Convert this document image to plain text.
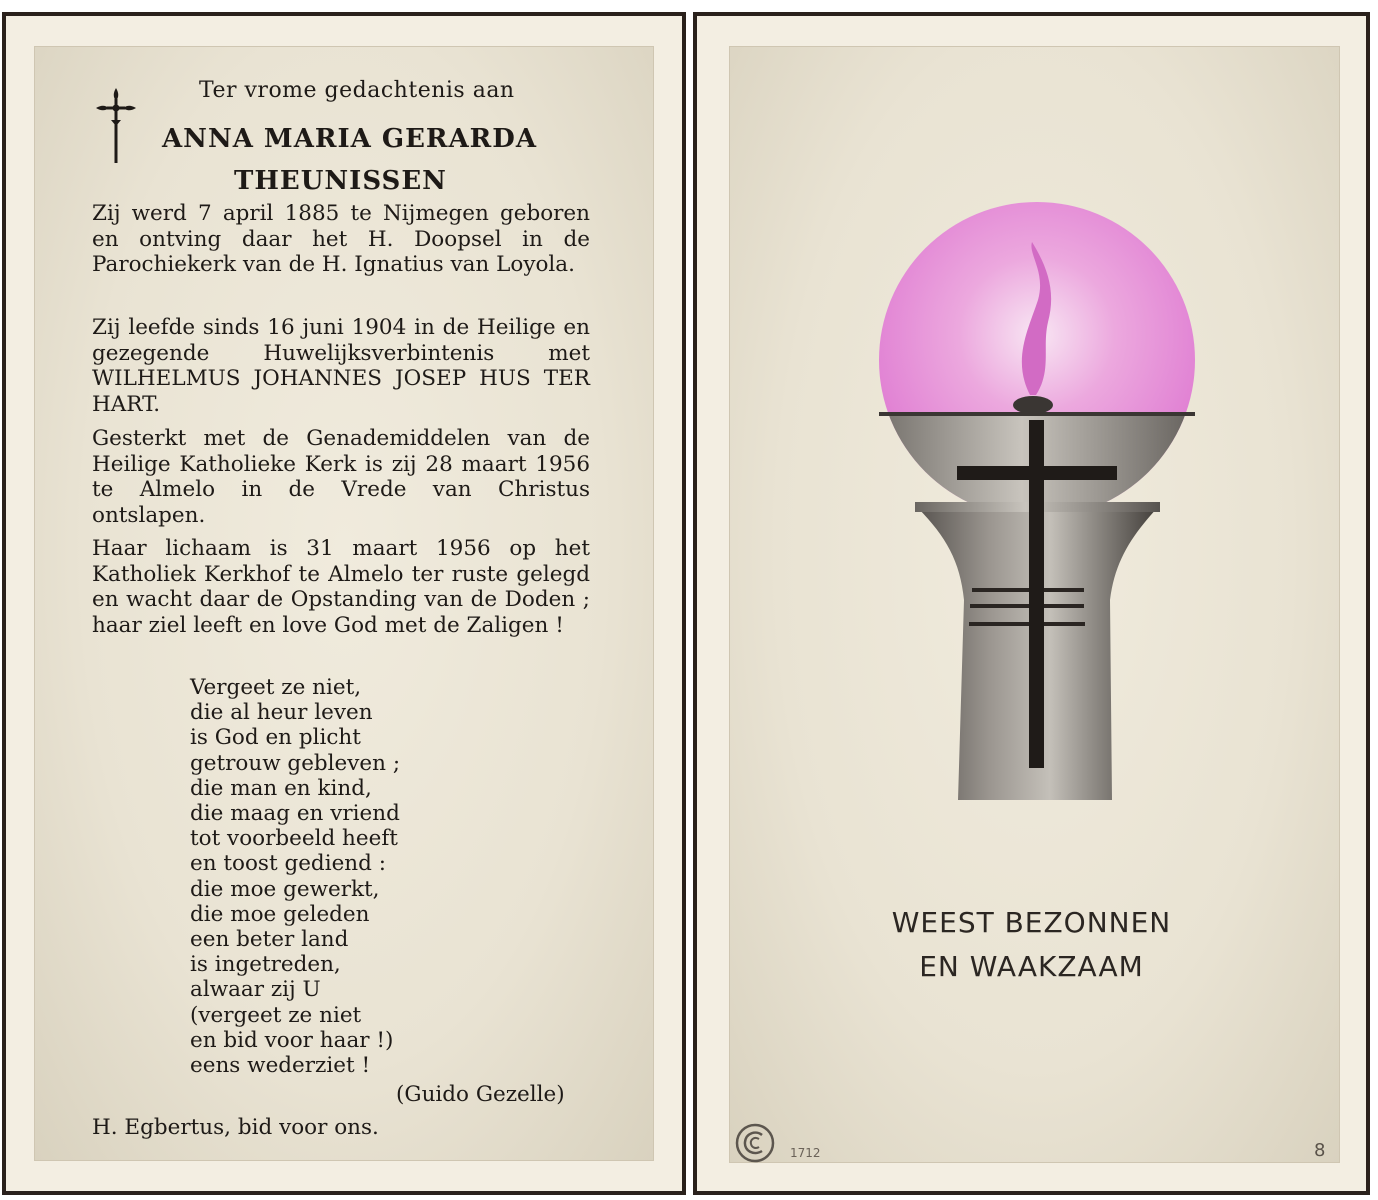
Ter vrome gedachtenis aan
ANNA MARIA GERARDA
THEUNISSEN
Zij werd 7 april 1885 te Nijmegen geboren en ontving daar het H. Doopsel in de Parochiekerk van de H. Ignatius van Loyola.
Zij leefde sinds 16 juni 1904 in de Heilige en gezegende Huwelijksverbintenis met WILHELMUS JOHANNES JOSEP HUS TER HART.
Gesterkt met de Genademiddelen van de Heilige Katholieke Kerk is zij 28 maart 1956 te Almelo in de Vrede van Christus ontslapen.
Haar lichaam is 31 maart 1956 op het Katholiek Kerkhof te Almelo ter ruste gelegd en wacht daar de Opstanding van de Doden ; haar ziel leeft en love God met de Zaligen !
Vergeet ze niet,
die al heur leven
is God en plicht
getrouw gebleven ;
die man en kind,
die maag en vriend
tot voorbeeld heeft
en toost gediend :
die moe gewerkt,
die moe geleden
een beter land
is ingetreden,
alwaar zij U
(vergeet ze niet
en bid voor haar !)
eens wederziet !
(Guido Gezelle)
H. Egbertus, bid voor ons.
WEEST BEZONNEN
EN WAAKZAAM
1712	8
